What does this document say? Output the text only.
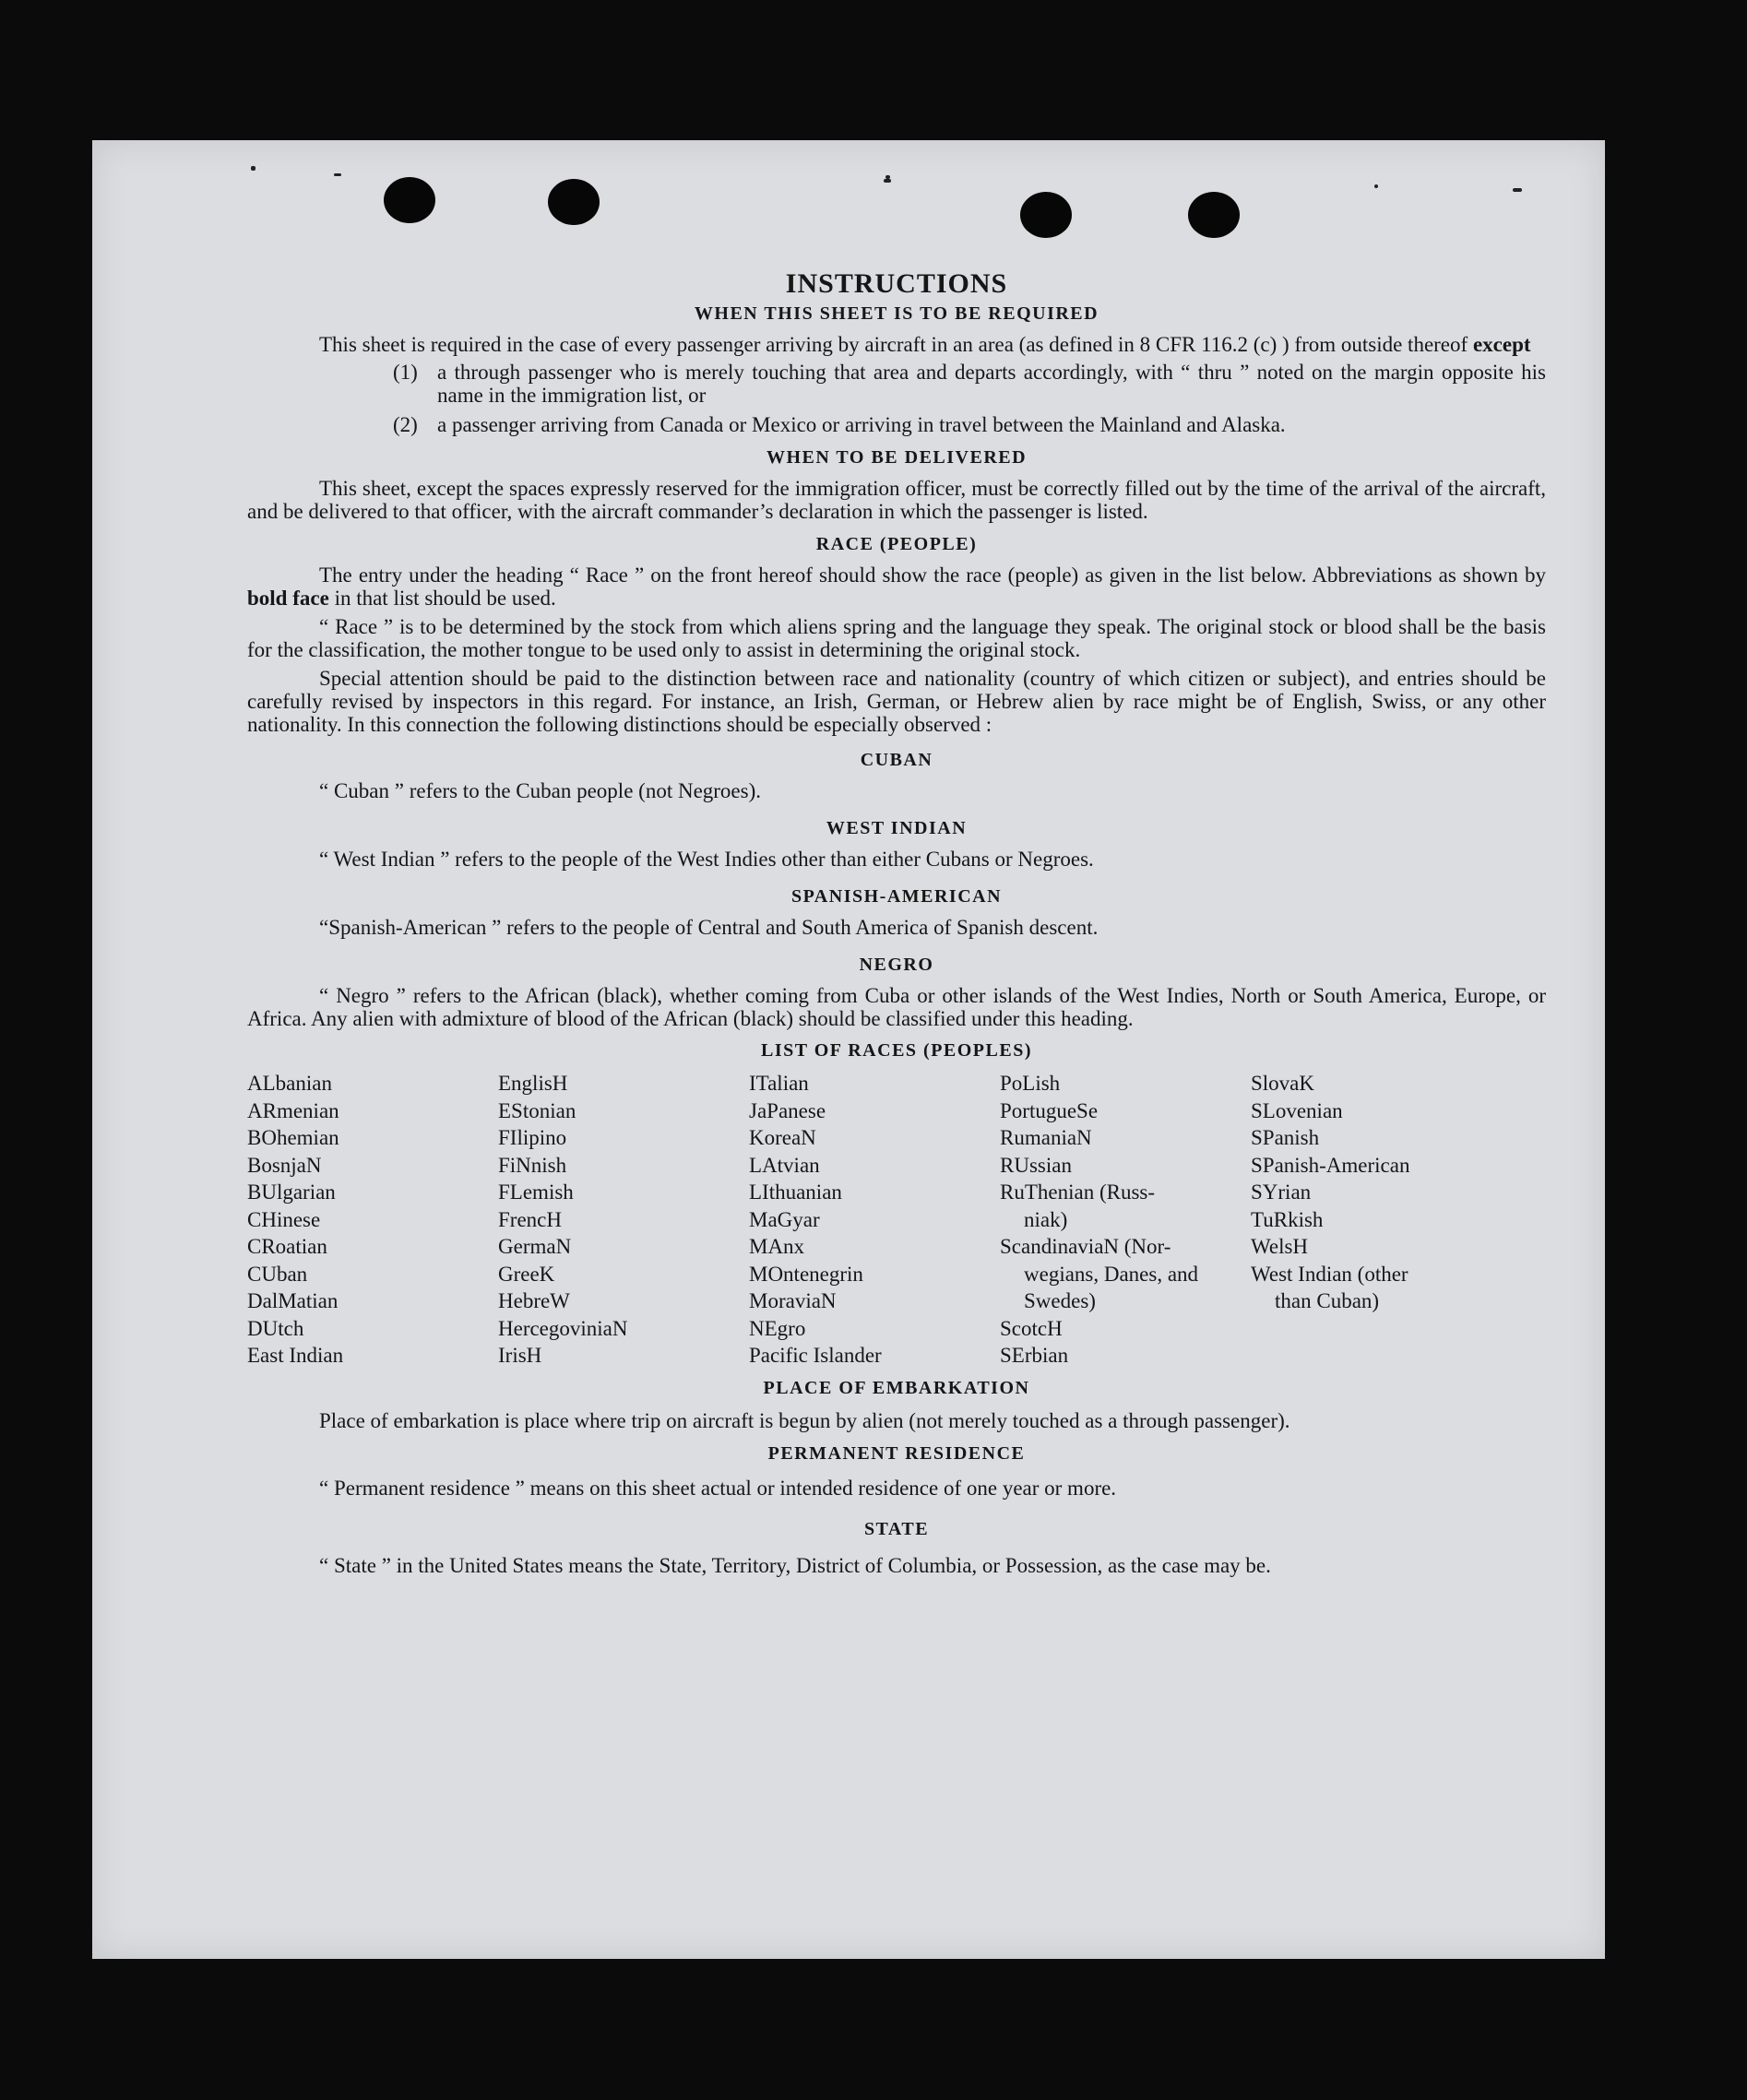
INSTRUCTIONS
WHEN THIS SHEET IS TO BE REQUIRED

This sheet is required in the case of every passenger arriving by aircraft in an area (as defined in 8 CFR 116.2 (c) ) from outside thereof except

(1) a through passenger who is merely touching that area and departs accordingly, with “ thru ” noted on the margin opposite his name in the immigration list, or
(2) a passenger arriving from Canada or Mexico or arriving in travel between the Mainland and Alaska.
WHEN TO BE DELIVERED

This sheet, except the spaces expressly reserved for the immigration officer, must be correctly filled out by the time of the arrival of the aircraft, and be delivered to that officer, with the aircraft commander’s declaration in which the passenger is listed.

RACE (PEOPLE)

The entry under the heading “ Race ” on the front hereof should show the race (people) as given in the list below. Abbreviations as shown by bold face in that list should be used.

“ Race ” is to be determined by the stock from which aliens spring and the language they speak. The original stock or blood shall be the basis for the classification, the mother tongue to be used only to assist in determining the original stock.

Special attention should be paid to the distinction between race and nationality (country of which citizen or subject), and entries should be carefully revised by inspectors in this regard. For instance, an Irish, German, or Hebrew alien by race might be of English, Swiss, or any other nationality. In this connection the following distinctions should be especially observed :

CUBAN

“ Cuban ” refers to the Cuban people (not Negroes).

WEST INDIAN

“ West Indian ” refers to the people of the West Indies other than either Cubans or Negroes.

SPANISH-AMERICAN

“Spanish-American ” refers to the people of Central and South America of Spanish descent.

NEGRO

“ Negro ” refers to the African (black), whether coming from Cuba or other islands of the West Indies, North or South America, Europe, or Africa. Any alien with admixture of blood of the African (black) should be classified under this heading.

LIST OF RACES (PEOPLES)
ALbanian
ARmenian
BOhemian
BosnjaN
BUlgarian
CHinese
CRoatian
CUban
DalMatian
DUtch
East Indian
EnglisH
EStonian
FIlipino
FiNnish
FLemish
FrencH
GermaN
GreeK
HebreW
HercegoviniaN
IrisH
ITalian
JaPanese
KoreaN
LAtvian
LIthuanian
MaGyar
MAnx
MOntenegrin
MoraviaN
NEgro
Pacific Islander
PoLish
PortugueSe
RumaniaN
RUssian
RuThenian (Russ-
niak)
ScandinaviaN (Nor-
wegians, Danes, and Swedes)
ScotcH
SErbian
SlovaK
SLovenian
SPanish
SPanish-American
SYrian
TuRkish
WelsH
West Indian (other
than Cuban)
PLACE OF EMBARKATION

Place of embarkation is place where trip on aircraft is begun by alien (not merely touched as a through passenger).

PERMANENT RESIDENCE

“ Permanent residence ” means on this sheet actual or intended residence of one year or more.

STATE

“ State ” in the United States means the State, Territory, District of Columbia, or Possession, as the case may be.
